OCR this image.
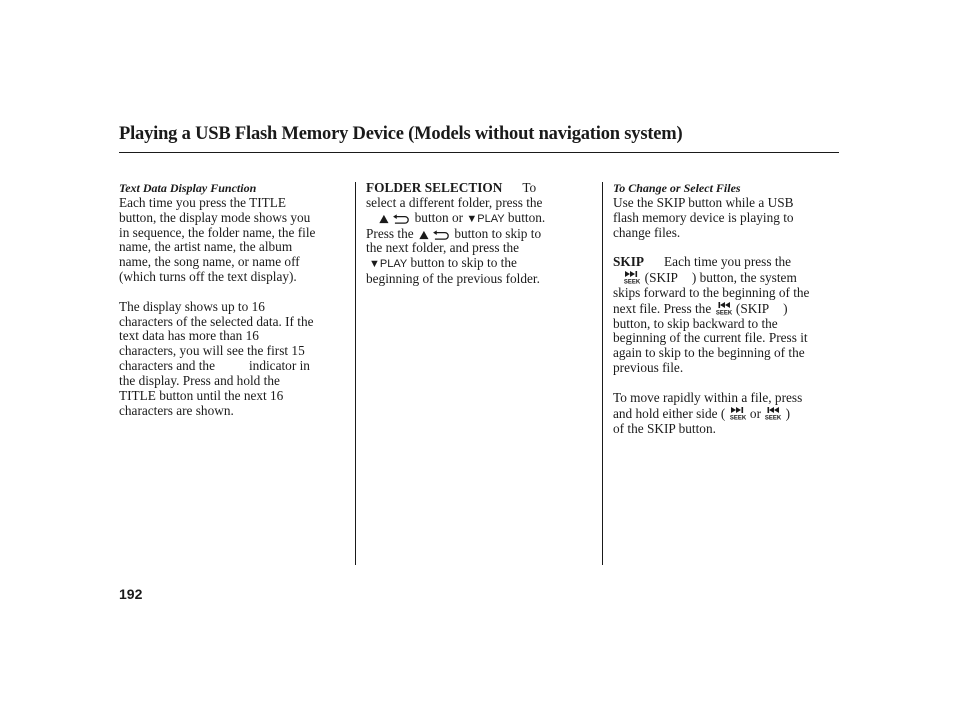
Playing a USB Flash Memory Device (Models without navigation system)
Text Data Display Function
Each time you press the TITLE
button, the display mode shows you
in sequence, the folder name, the file
name, the artist name, the album
name, the song name, or name off
(which turns off the text display).
The display shows up to 16
characters of the selected data. If the
text data has more than 16
characters, you will see the first 15
characters and the	indicator in
the display. Press and hold the
TITLE button until the next 16
characters are shown.
FOLDER SELECTION To
select a different folder, press the
button or ▼PLAY button.
Press the	button to skip to
the next folder, and press the
▼PLAY button to skip to the
beginning of the previous folder.
To Change or Select Files
Use the SKIP button while a USB
flash memory device is playing to
change files.
SKIP Each time you press the
(SKIP ) button, the system
skips forward to the beginning of the
next file. Press the (SKIP )
button, to skip backward to the
beginning of the current file. Press it
again to skip to the beginning of the
previous file.
To move rapidly within a file, press
and hold either side ( or )
of the SKIP button.
192
